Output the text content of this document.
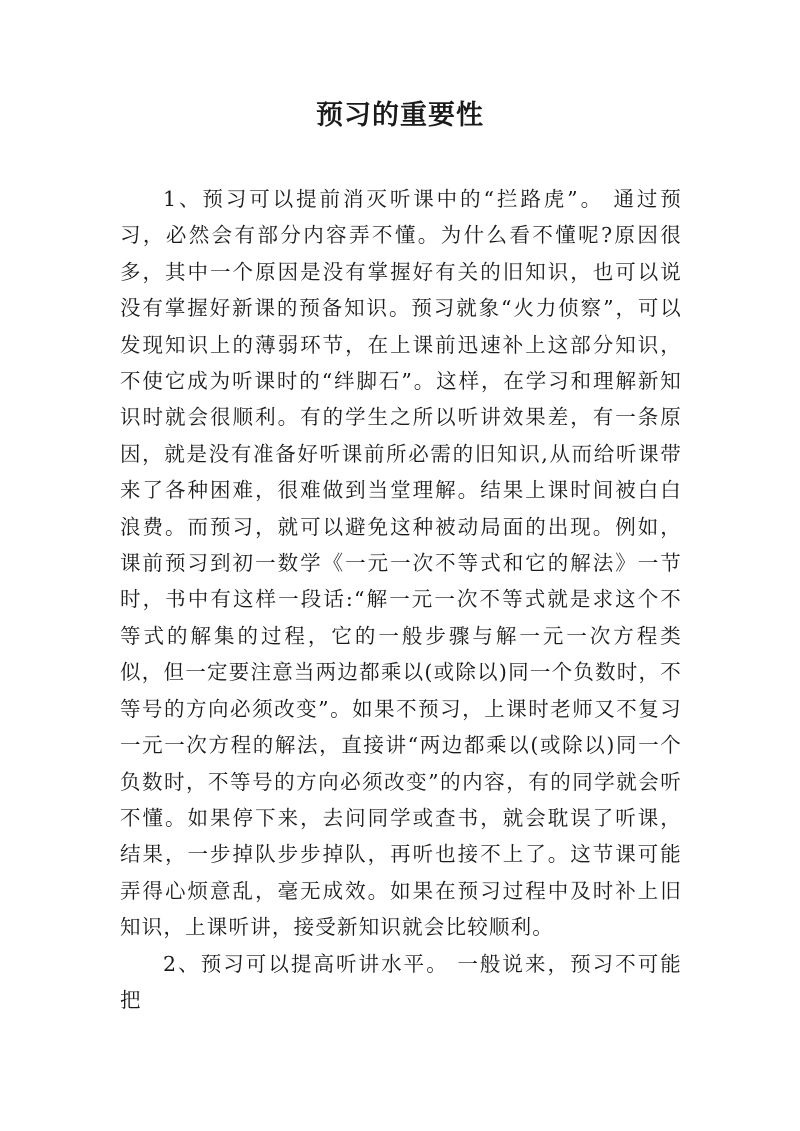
预习的重要性

1、预习可以提前消灭听课中的“拦路虎”。 通过预习，必然会有部分内容弄不懂。为什么看不懂呢?原因很多，其中一个原因是没有掌握好有关的旧知识，也可以说没有掌握好新课的预备知识。预习就象“火力侦察”，可以发现知识上的薄弱环节，在上课前迅速补上这部分知识，不使它成为听课时的“绊脚石”。这样，在学习和理解新知识时就会很顺利。有的学生之所以听讲效果差，有一条原因，就是没有准备好听课前所必需的旧知识,从而给听课带来了各种困难，很难做到当堂理解。结果上课时间被白白浪费。而预习，就可以避免这种被动局面的出现。例如，课前预习到初一数学《一元一次不等式和它的解法》一节时，书中有这样一段话:“解一元一次不等式就是求这个不等式的解集的过程，它的一般步骤与解一元一次方程类似，但一定要注意当两边都乘以(或除以)同一个负数时，不等号的方向必须改变”。如果不预习，上课时老师又不复习一元一次方程的解法，直接讲“两边都乘以(或除以)同一个负数时，不等号的方向必须改变”的内容，有的同学就会听不懂。如果停下来，去问同学或查书，就会耽误了听课，结果，一步掉队步步掉队，再听也接不上了。这节课可能弄得心烦意乱，毫无成效。如果在预习过程中及时补上旧知识，上课听讲，接受新知识就会比较顺利。

2、预习可以提高听讲水平。 一般说来，预习不可能把
